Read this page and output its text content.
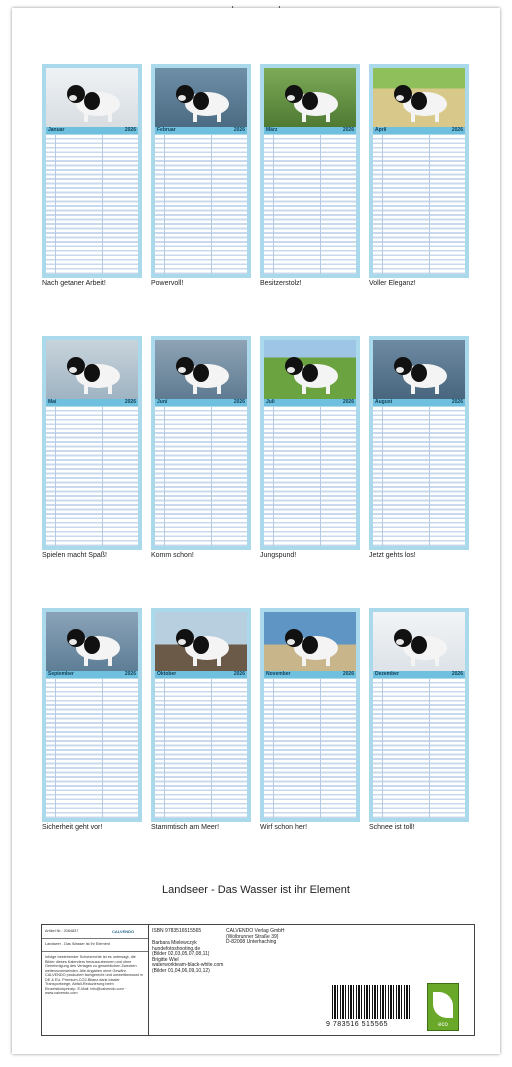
Januar	2026
Nach getaner Arbeit!
Februar	2026
Powervoll!
März	2026
Besitzerstolz!
April	2026
Voller Eleganz!
Mai	2026
Spielen macht Spaß!
Juni	2026
Komm schon!
Juli	2026
Jungspund!
August	2026
Jetzt gehts los!
September	2026
Sicherheit geht vor!
Oktober	2026
Stammtisch am Meer!
November	2026
Wirf schon her!
Dezember	2026
Schnee ist toll!
Landseer - Das Wasser ist ihr Element
Artikel Nr.: 2084837	CALVENDO
Landseer - Das Wasser ist ihr Element
Infolge bestehender Schutzrechte ist es untersagt, die Bilder dieses Kalenders herauszutrennen und ohne Genehmigung des Verlages zu gewerblichen Zwecken weiterzuverwenden. Alle Angaben ohne Gewähr. CALVENDO produziert fachgerecht und umweltbewusst in DE & EU. Premium-CO2-Bilanz dank lokaler Transportwege, Abfall-Reduzierung beim Einzelstückprinzip. E-Mail: info@calvendo.com · www.calvendo.com
ISBN 9783516515565
Barbara Mielewczyk
hundefotoshooting.de
(Bilder 02,03,05,07,08,11)
Brigitte Wiel
waterworkteam-black-white.com
(Bilder 01,04,06,09,10,12)
CALVENDO Verlag GmbH
(Wolbrunner Straße 39)
D-82008 Unterhaching
9 783516 515565	eco
